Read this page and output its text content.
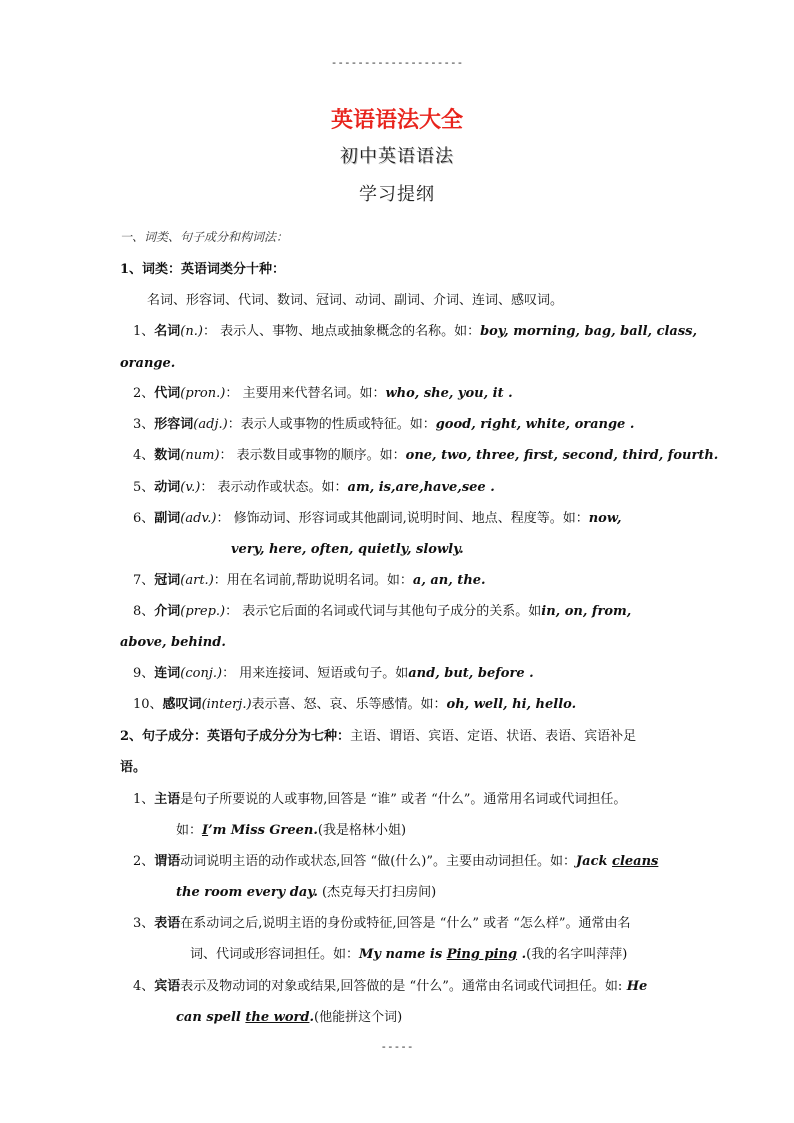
--------------------
英语语法大全
初中英语语法
学习提纲
一、词类、句子成分和构词法：
1、词类：英语词类分十种：
名词、形容词、代词、数词、冠词、动词、副词、介词、连词、感叹词。
1、名词(n.)： 表示人、事物、地点或抽象概念的名称。如：boy, morning, bag, ball, class,
orange.
2、代词(pron.)： 主要用来代替名词。如：who, she, you, it .
3、形容词(adj.)：表示人或事物的性质或特征。如：good, right, white, orange .
4、数词(num)： 表示数目或事物的顺序。如：one, two, three, first, second, third, fourth.
5、动词(v.)： 表示动作或状态。如：am, is,are,have,see .
6、副词(adv.)： 修饰动词、形容词或其他副词,说明时间、地点、程度等。如：now,
very, here, often, quietly, slowly.
7、冠词(art.)：用在名词前,帮助说明名词。如：a, an, the.
8、介词(prep.)： 表示它后面的名词或代词与其他句子成分的关系。如in, on, from,
above, behind.
9、连词(conj.)： 用来连接词、短语或句子。如and, but, before .
10、感叹词(interj.)表示喜、怒、哀、乐等感情。如：oh, well, hi, hello.
2、句子成分：英语句子成分分为七种：主语、谓语、宾语、定语、状语、表语、宾语补足
语。
1、主语是句子所要说的人或事物,回答是 “谁” 或者 “什么”。通常用名词或代词担任。
如：I’m Miss Green.(我是格林小姐)
2、谓语动词说明主语的动作或状态,回答 “做(什么)”。主要由动词担任。如：Jack cleans
the room every day. (杰克每天打扫房间)
3、表语在系动词之后,说明主语的身份或特征,回答是 “什么” 或者 “怎么样”。通常由名
词、代词或形容词担任。如：My name is Ping ping .(我的名字叫萍萍)
4、宾语表示及物动词的对象或结果,回答做的是 “什么”。通常由名词或代词担任。如: He
can spell the word.(他能拼这个词)
-----
